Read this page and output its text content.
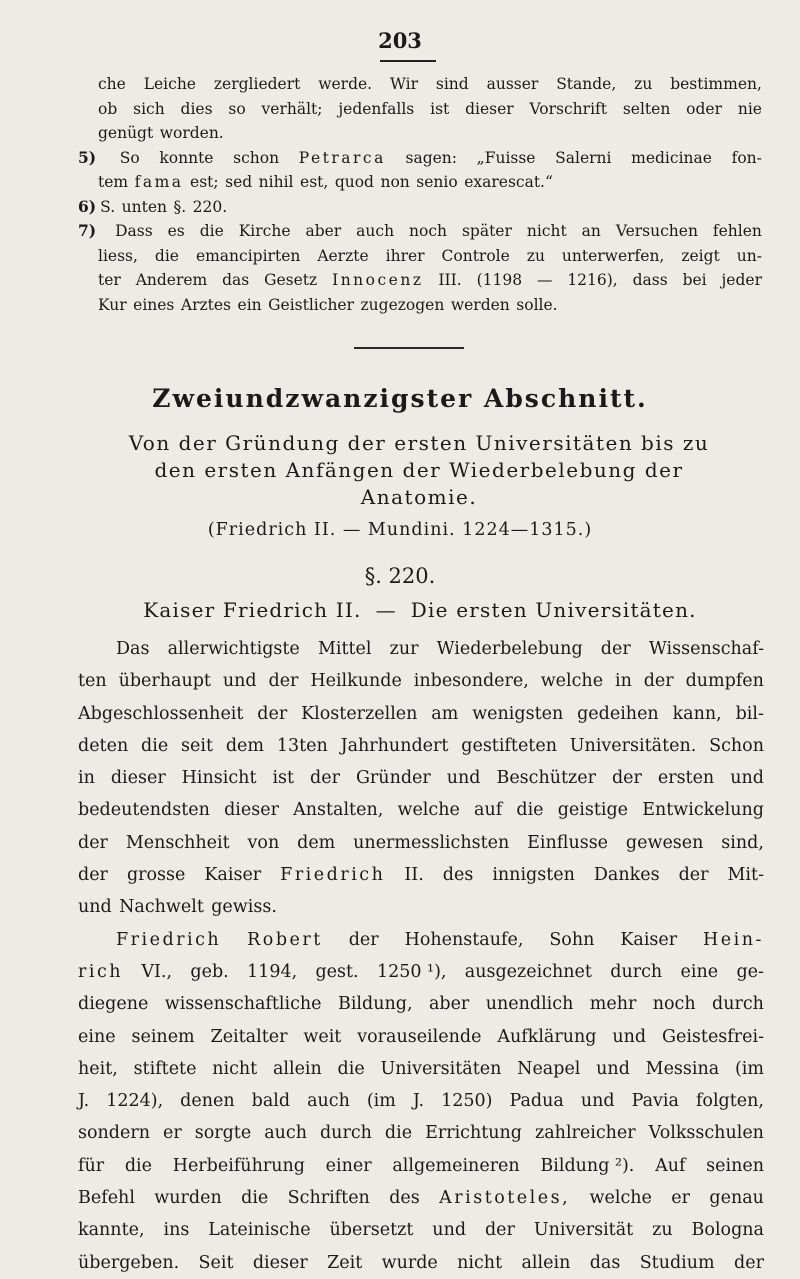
203
che Leiche zergliedert werde. Wir sind ausser Stande, zu bestimmen,
ob sich dies so verhält; jedenfalls ist dieser Vorschrift selten oder nie
genügt worden.
5) So konnte schon Petrarca sagen: „Fuisse Salerni medicinae fon-
tem fama est; sed nihil est, quod non senio exarescat.“
6) S. unten §. 220.
7) Dass es die Kirche aber auch noch später nicht an Versuchen fehlen
liess, die emancipirten Aerzte ihrer Controle zu unterwerfen, zeigt un-
ter Anderem das Gesetz Innocenz III. (1198 — 1216), dass bei jeder
Kur eines Arztes ein Geistlicher zugezogen werden solle.
Zweiundzwanzigster Abschnitt.
Von der Gründung der ersten Universitäten bis zu
den ersten Anfängen der Wiederbelebung der
Anatomie.
(Friedrich II. — Mundini. 1224—1315.)
§. 220.
Kaiser Friedrich II. — Die ersten Universitäten.
Das allerwichtigste Mittel zur Wiederbelebung der Wissenschaf-
ten überhaupt und der Heilkunde inbesondere, welche in der dumpfen
Abgeschlossenheit der Klosterzellen am wenigsten gedeihen kann, bil-
deten die seit dem 13ten Jahrhundert gestifteten Universitäten. Schon
in dieser Hinsicht ist der Gründer und Beschützer der ersten und
bedeutendsten dieser Anstalten, welche auf die geistige Entwickelung
der Menschheit von dem unermesslichsten Einflusse gewesen sind,
der grosse Kaiser Friedrich II. des innigsten Dankes der Mit-
und Nachwelt gewiss.
Friedrich Robert der Hohenstaufe, Sohn Kaiser Hein-
rich VI., geb. 1194, gest. 1250 ¹), ausgezeichnet durch eine ge-
diegene wissenschaftliche Bildung, aber unendlich mehr noch durch
eine seinem Zeitalter weit vorauseilende Aufklärung und Geistesfrei-
heit, stiftete nicht allein die Universitäten Neapel und Messina (im
J. 1224), denen bald auch (im J. 1250) Padua und Pavia folgten,
sondern er sorgte auch durch die Errichtung zahlreicher Volksschulen
für die Herbeiführung einer allgemeineren Bildung ²). Auf seinen
Befehl wurden die Schriften des Aristoteles, welche er genau
kannte, ins Lateinische übersetzt und der Universität zu Bologna
übergeben. Seit dieser Zeit wurde nicht allein das Studium der
